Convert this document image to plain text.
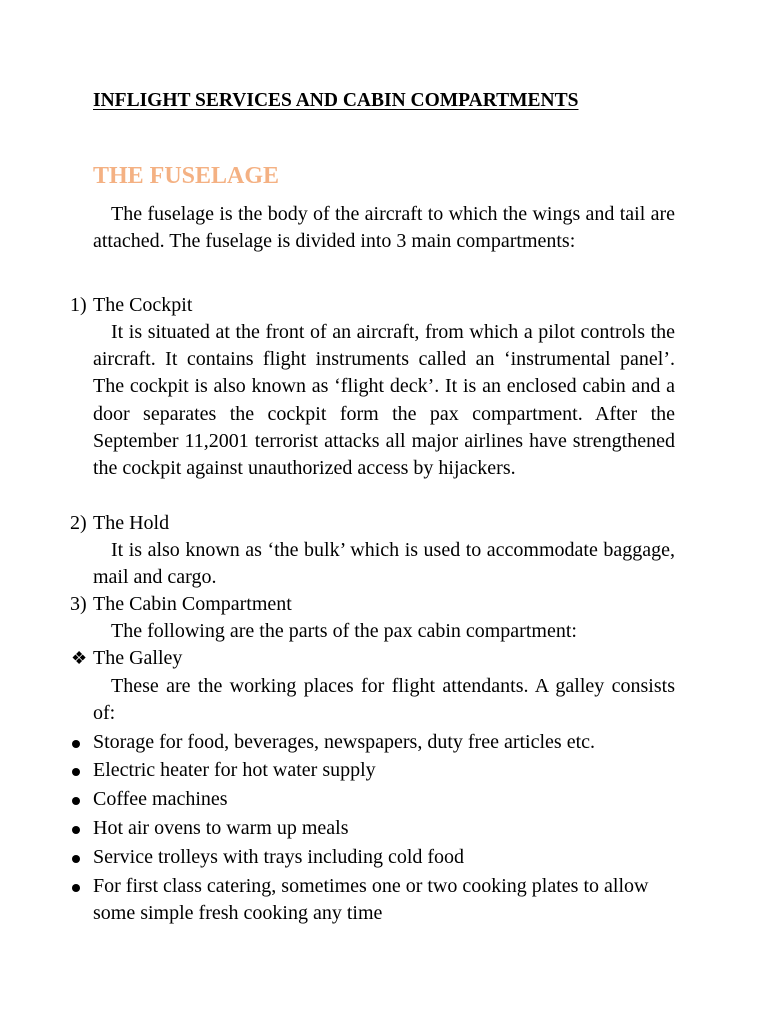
INFLIGHT SERVICES AND CABIN COMPARTMENTS
THE FUSELAGE
The fuselage is the body of the aircraft to which the wings and tail are attached. The fuselage is divided into 3 main compartments:
1) The Cockpit
It is situated at the front of an aircraft, from which a pilot controls the aircraft. It contains flight instruments called an ‘instrumental panel’. The cockpit is also known as ‘flight deck’. It is an enclosed cabin and a door separates the cockpit form the pax compartment. After the September 11,2001 terrorist attacks all major airlines have strengthened the cockpit against unauthorized access by hijackers.
2) The Hold
It is also known as ‘the bulk’ which is used to accommodate baggage, mail and cargo.
3) The Cabin Compartment
The following are the parts of the pax cabin compartment:
❖ The Galley
These are the working places for flight attendants. A galley consists of:
Storage for food, beverages, newspapers, duty free articles etc.
Electric heater for hot water supply
Coffee machines
Hot air ovens to warm up meals
Service trolleys with trays including cold food
For first class catering, sometimes one or two cooking plates to allow some simple fresh cooking any time
